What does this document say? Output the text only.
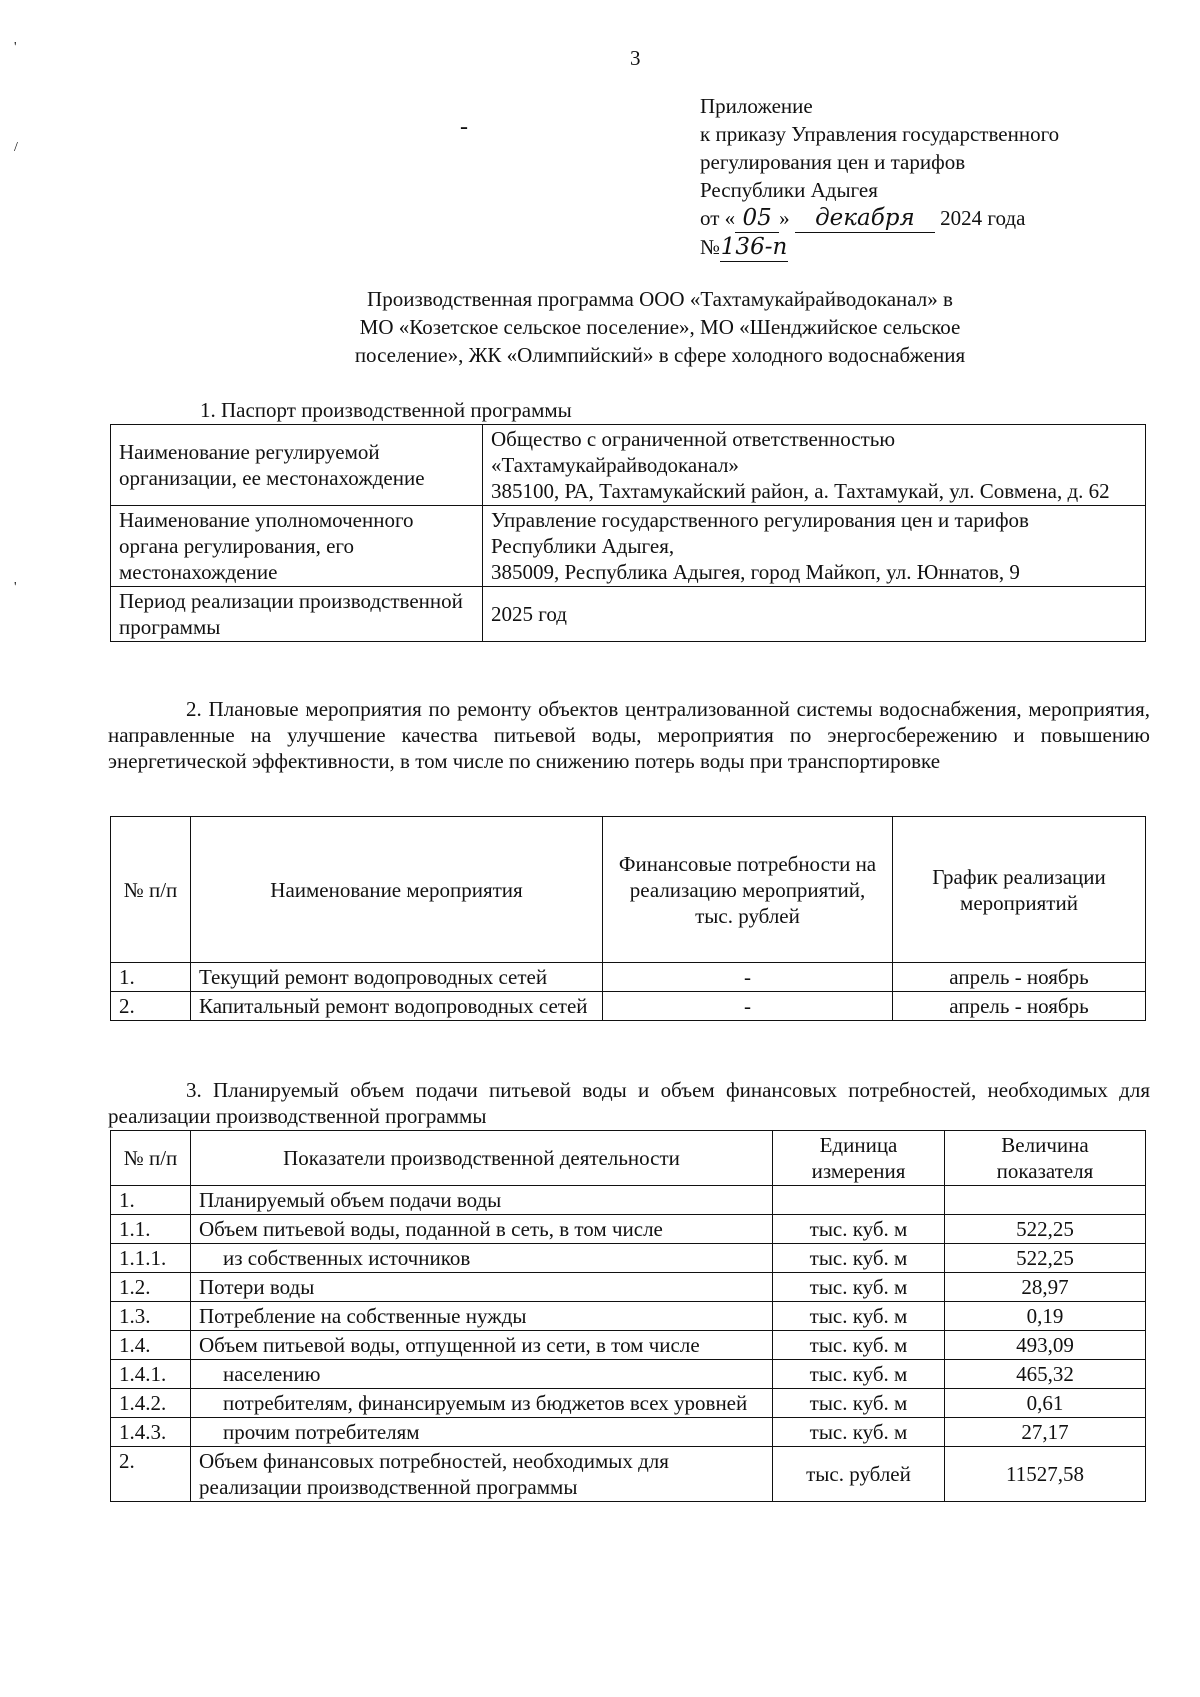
'
/
'
-
3
Приложение
к приказу Управления государственного
регулирования цен и тарифов
Республики Адыгея
от « 05 » декабря 2024 года
№136-п
Производственная программа ООО «Тахтамукайрайводоканал» в
МО «Козетское сельское поселение», МО «Шенджийское сельское
поселение», ЖК «Олимпийский» в сфере холодного водоснабжения
1. Паспорт производственной программы
Наименование регулируемой организации, ее местонахождение	Общество с ограниченной ответственностью
«Тахтамукайрайводоканал»
385100, РА, Тахтамукайский район, а. Тахтамукай, ул. Совмена, д. 62

Наименование уполномоченного органа регулирования, его местонахождение	Управление государственного регулирования цен и тарифов Республики Адыгея,
385009, Республика Адыгея, город Майкоп, ул. Юннатов, 9

Период реализации производственной программы	2025 год
2. Плановые мероприятия по ремонту объектов централизованной системы водоснабжения, мероприятия, направленные на улучшение качества питьевой воды, мероприятия по энергосбережению и повышению энергетической эффективности, в том числе по снижению потерь воды при транспортировке
№ п/п	Наименование мероприятия	Финансовые потребности на реализацию мероприятий, тыс. рублей	График реализации мероприятий
1.	Текущий ремонт водопроводных сетей	-	апрель - ноябрь
2.	Капитальный ремонт водопроводных сетей	-	апрель - ноябрь
3. Планируемый объем подачи питьевой воды и объем финансовых потребностей, необходимых для реализации производственной программы
№ п/п	Показатели производственной деятельности	Единица измерения	Величина показателя
1.	Планируемый объем подачи воды		
1.1.	Объем питьевой воды, поданной в сеть, в том числе	тыс. куб. м	522,25
1.1.1.	из собственных источников	тыс. куб. м	522,25
1.2.	Потери воды	тыс. куб. м	28,97
1.3.	Потребление на собственные нужды	тыс. куб. м	0,19
1.4.	Объем питьевой воды, отпущенной из сети, в том числе	тыс. куб. м	493,09
1.4.1.	населению	тыс. куб. м	465,32
1.4.2.	потребителям, финансируемым из бюджетов всех уровней	тыс. куб. м	0,61
1.4.3.	прочим потребителям	тыс. куб. м	27,17
2.	Объем финансовых потребностей, необходимых для реализации производственной программы	тыс. рублей	11527,58
